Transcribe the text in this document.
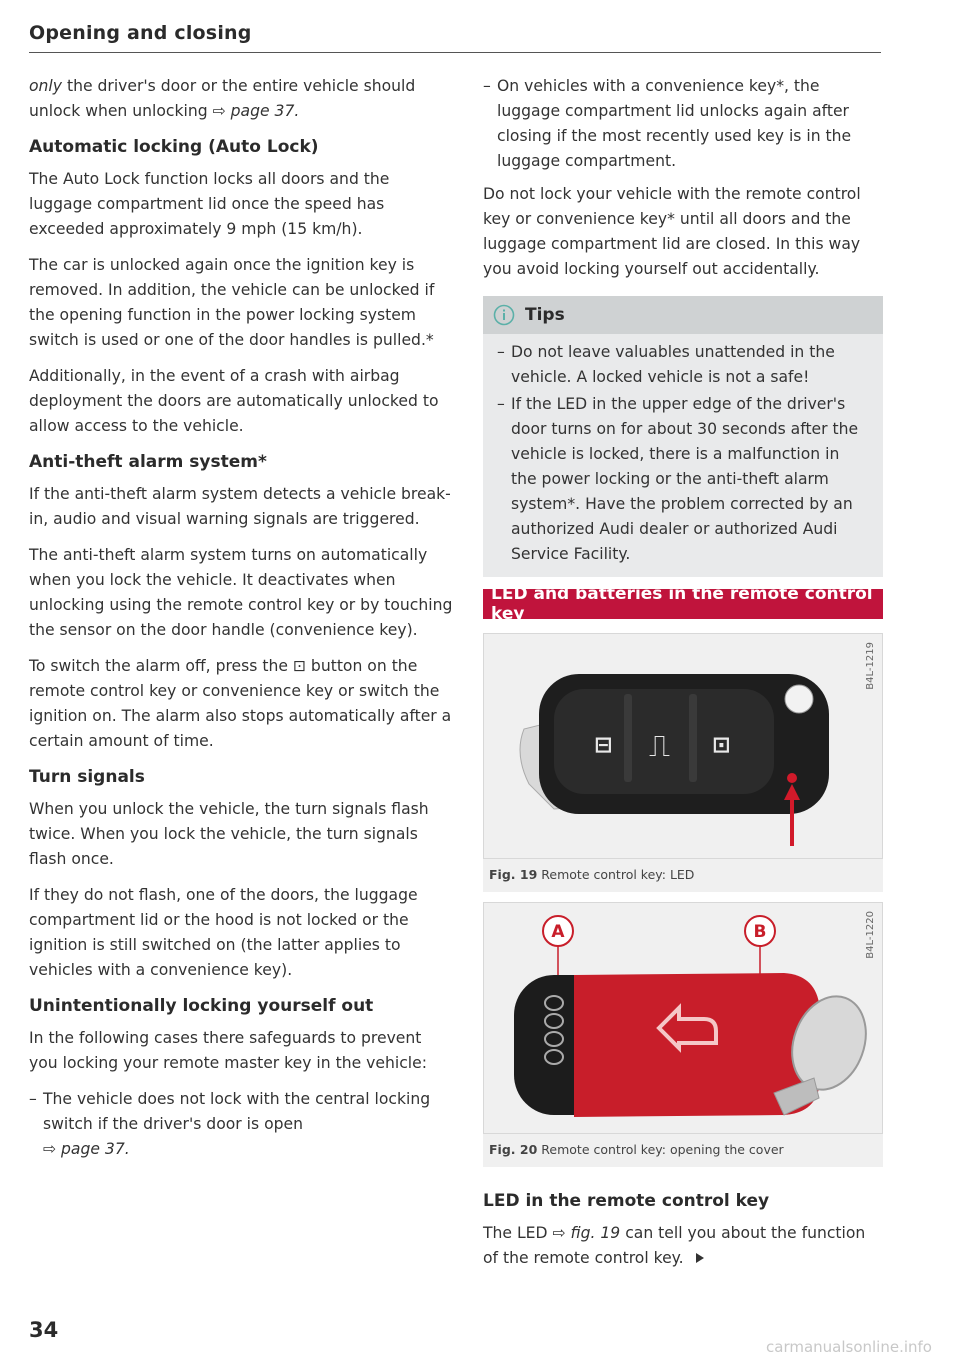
Opening and closing

only the driver's door or the entire vehicle should unlock when unlocking ⇨ page 37.

Automatic locking (Auto Lock)

The Auto Lock function locks all doors and the luggage compartment lid once the speed has exceeded approximately 9 mph (15 km/h).

The car is unlocked again once the ignition key is removed. In addition, the vehicle can be unlocked if the opening function in the power locking system switch is used or one of the door handles is pulled.*

Additionally, in the event of a crash with airbag deployment the doors are automatically unlocked to allow access to the vehicle.

Anti-theft alarm system*

If the anti-theft alarm system detects a vehicle break-in, audio and visual warning signals are triggered.

The anti-theft alarm system turns on automatically when you lock the vehicle. It deactivates when unlocking using the remote control key or by touching the sensor on the door handle (convenience key).

To switch the alarm off, press the ⊡ button on the remote control key or convenience key or switch the ignition on. The alarm also stops automatically after a certain amount of time.

Turn signals

When you unlock the vehicle, the turn signals flash twice. When you lock the vehicle, the turn signals flash once.

If they do not flash, one of the doors, the luggage compartment lid or the hood is not locked or the ignition is still switched on (the latter applies to vehicles with a convenience key).

Unintentionally locking yourself out

In the following cases there safeguards to prevent you locking your remote master key in the vehicle:

– The vehicle does not lock with the central locking switch if the driver's door is open
⇨ page 37.
– On vehicles with a convenience key*, the luggage compartment lid unlocks again after closing if the most recently used key is in the luggage compartment.

Do not lock your vehicle with the remote control key or convenience key* until all doors and the luggage compartment lid are closed. In this way you avoid locking yourself out accidentally.

Tips
– Do not leave valuables unattended in the vehicle. A locked vehicle is not a safe!
– If the LED in the upper edge of the driver's door turns on for about 30 seconds after the vehicle is locked, there is a malfunction in the power locking or the anti-theft alarm system*. Have the problem corrected by an authorized Audi dealer or authorized Audi Service Facility.
LED and batteries in the remote control key
B4L-1219
⊟ ⎍ ⊡
Fig. 19 Remote control key: LED
B4L-1220
A	B
Fig. 20 Remote control key: opening the cover
LED in the remote control key

The LED ⇨ fig. 19 can tell you about the function of the remote control key.

34
carmanualsonline.info
